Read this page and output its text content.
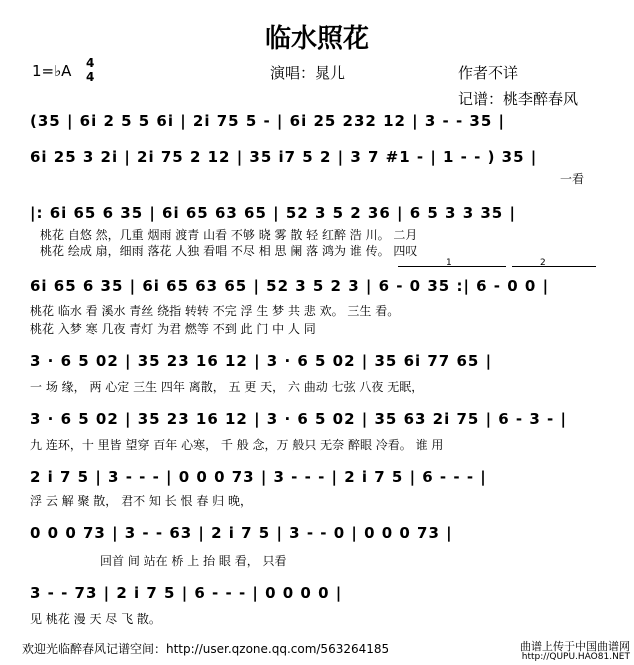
临水照花
1=♭A 4
4	演唱：晁儿	作者不详
记谱：桃李醉春风
(35 | 6i 2 5 5 6i | 2i 75 5 - | 6i 25 232 12 | 3 - - 35 |
6i 25 3 2i | 2i 75 2 12 | 35 i7 5 2 | 3 7 #1 - | 1 - - ) 35 |
一看
|: 6i 65 6 35 | 6i 65 63 65 | 52 3 5 2 36 | 6 5 3 3 35 |
桃花 自悠 然，几重 烟雨 渡青 山看 不够 晓 雾 散 轻 红醉 浩 川。 二月
桃花 绘成 扇，细雨 落花 人独 看唱 不尽 相 思 阑 落 鸿为 谁 传。 四叹
1	2
6i 65 6 35 | 6i 65 63 65 | 52 3 5 2 3 | 6 - 0 35 :| 6 - 0 0 |
桃花 临水 看 溪水 青丝 绕指 转转 不完 浮 生 梦 共 悲 欢。 三生 看。
桃花 入梦 寒 几夜 青灯 为君 燃等 不到 此 门 中 人 同
3 · 6 5 02 | 35 23 16 12 | 3 · 6 5 02 | 35 6i 77 65 |
一 场 缘， 两 心定 三生 四年 离散， 五 更 天， 六 曲动 七弦 八夜 无眠，
3 · 6 5 02 | 35 23 16 12 | 3 · 6 5 02 | 35 63 2i 75 | 6 - 3 - |
九 连环，十 里皆 望穿 百年 心寒， 千 般 念，万 般只 无奈 醉眼 冷看。 谁 用
2 i 7 5 | 3 - - - | 0 0 0 73 | 3 - - - | 2 i 7 5 | 6 - - - |
浮 云 解 聚 散， 君不 知 长 恨 春 归 晚，
0 0 0 73 | 3 - - 63 | 2 i 7 5 | 3 - - 0 | 0 0 0 73 |
回首 间 站在 桥 上 抬 眼 看， 只看
3 - - 73 | 2 i 7 5 | 6 - - - | 0 0 0 0 |
见 桃花 漫 天 尽 飞 散。
欢迎光临醉春风记谱空间：http://user.qzone.qq.com/563264185	曲谱上传于中国曲谱网
http://QUPU.HAO81.NET
